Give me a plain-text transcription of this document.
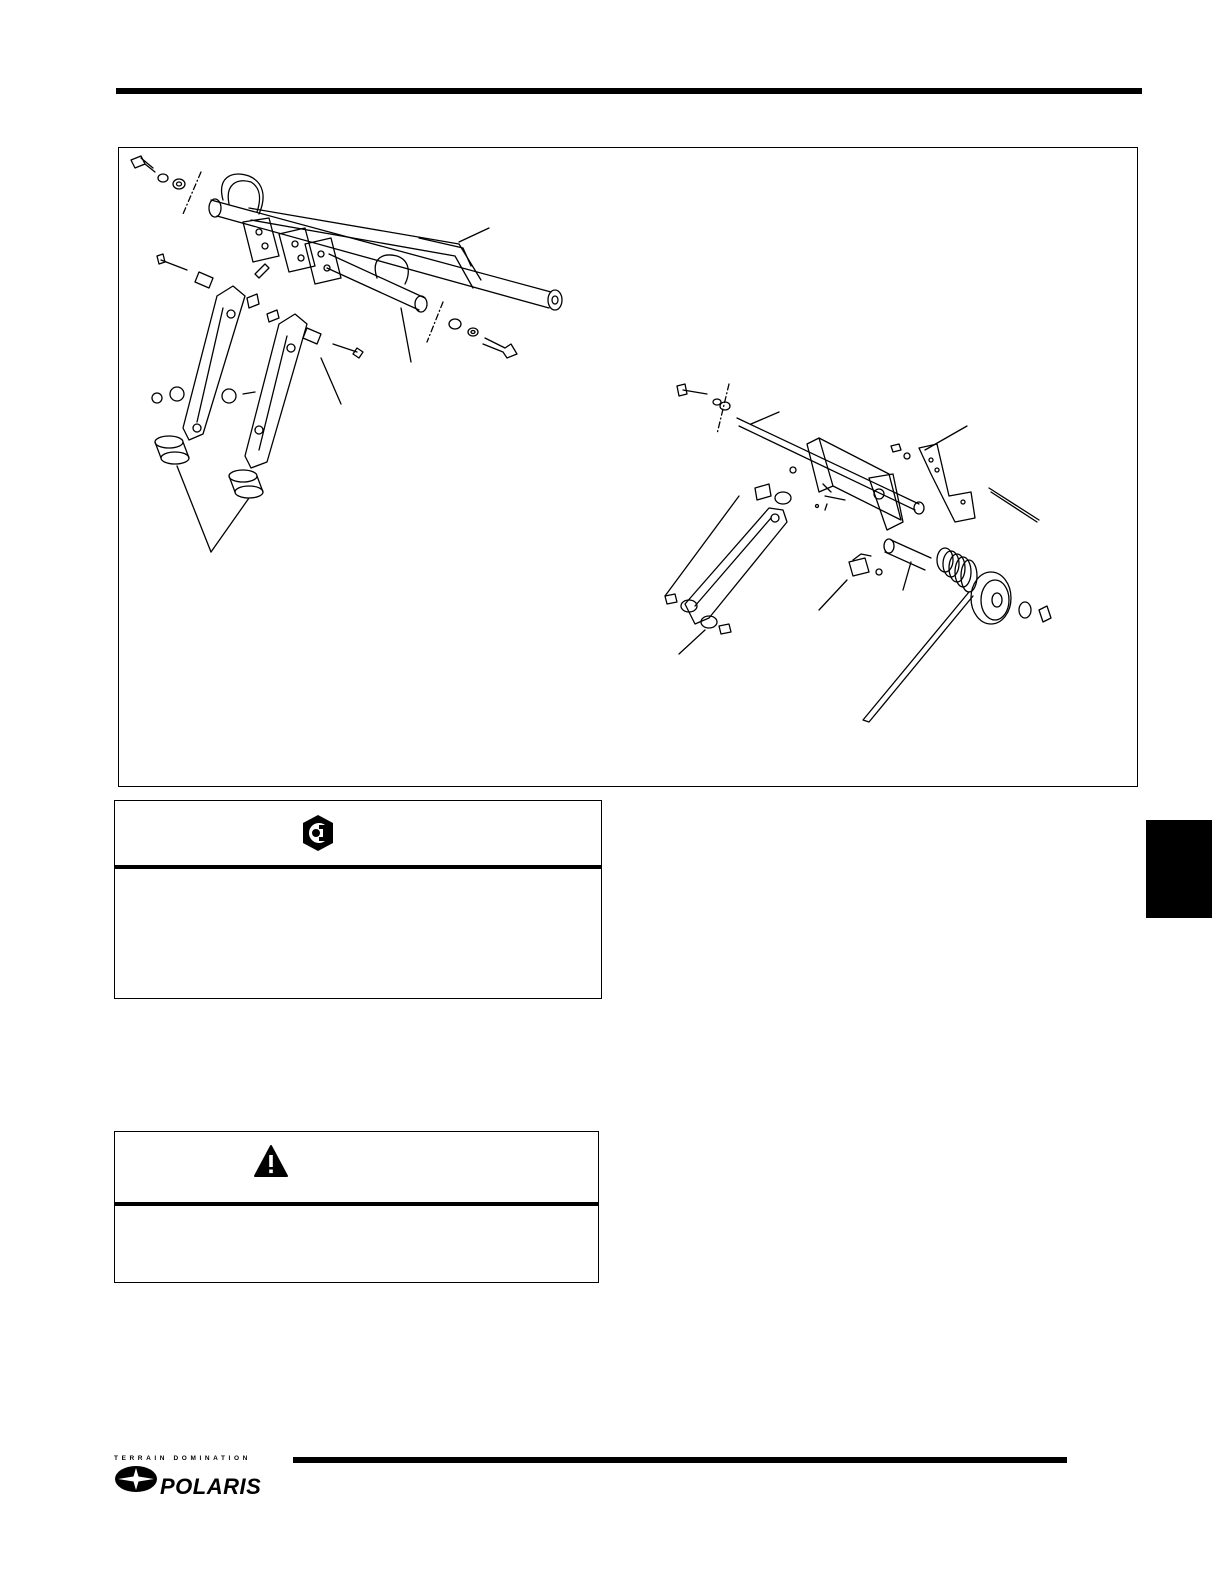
TERRAIN DOMINATION
POLARIS
